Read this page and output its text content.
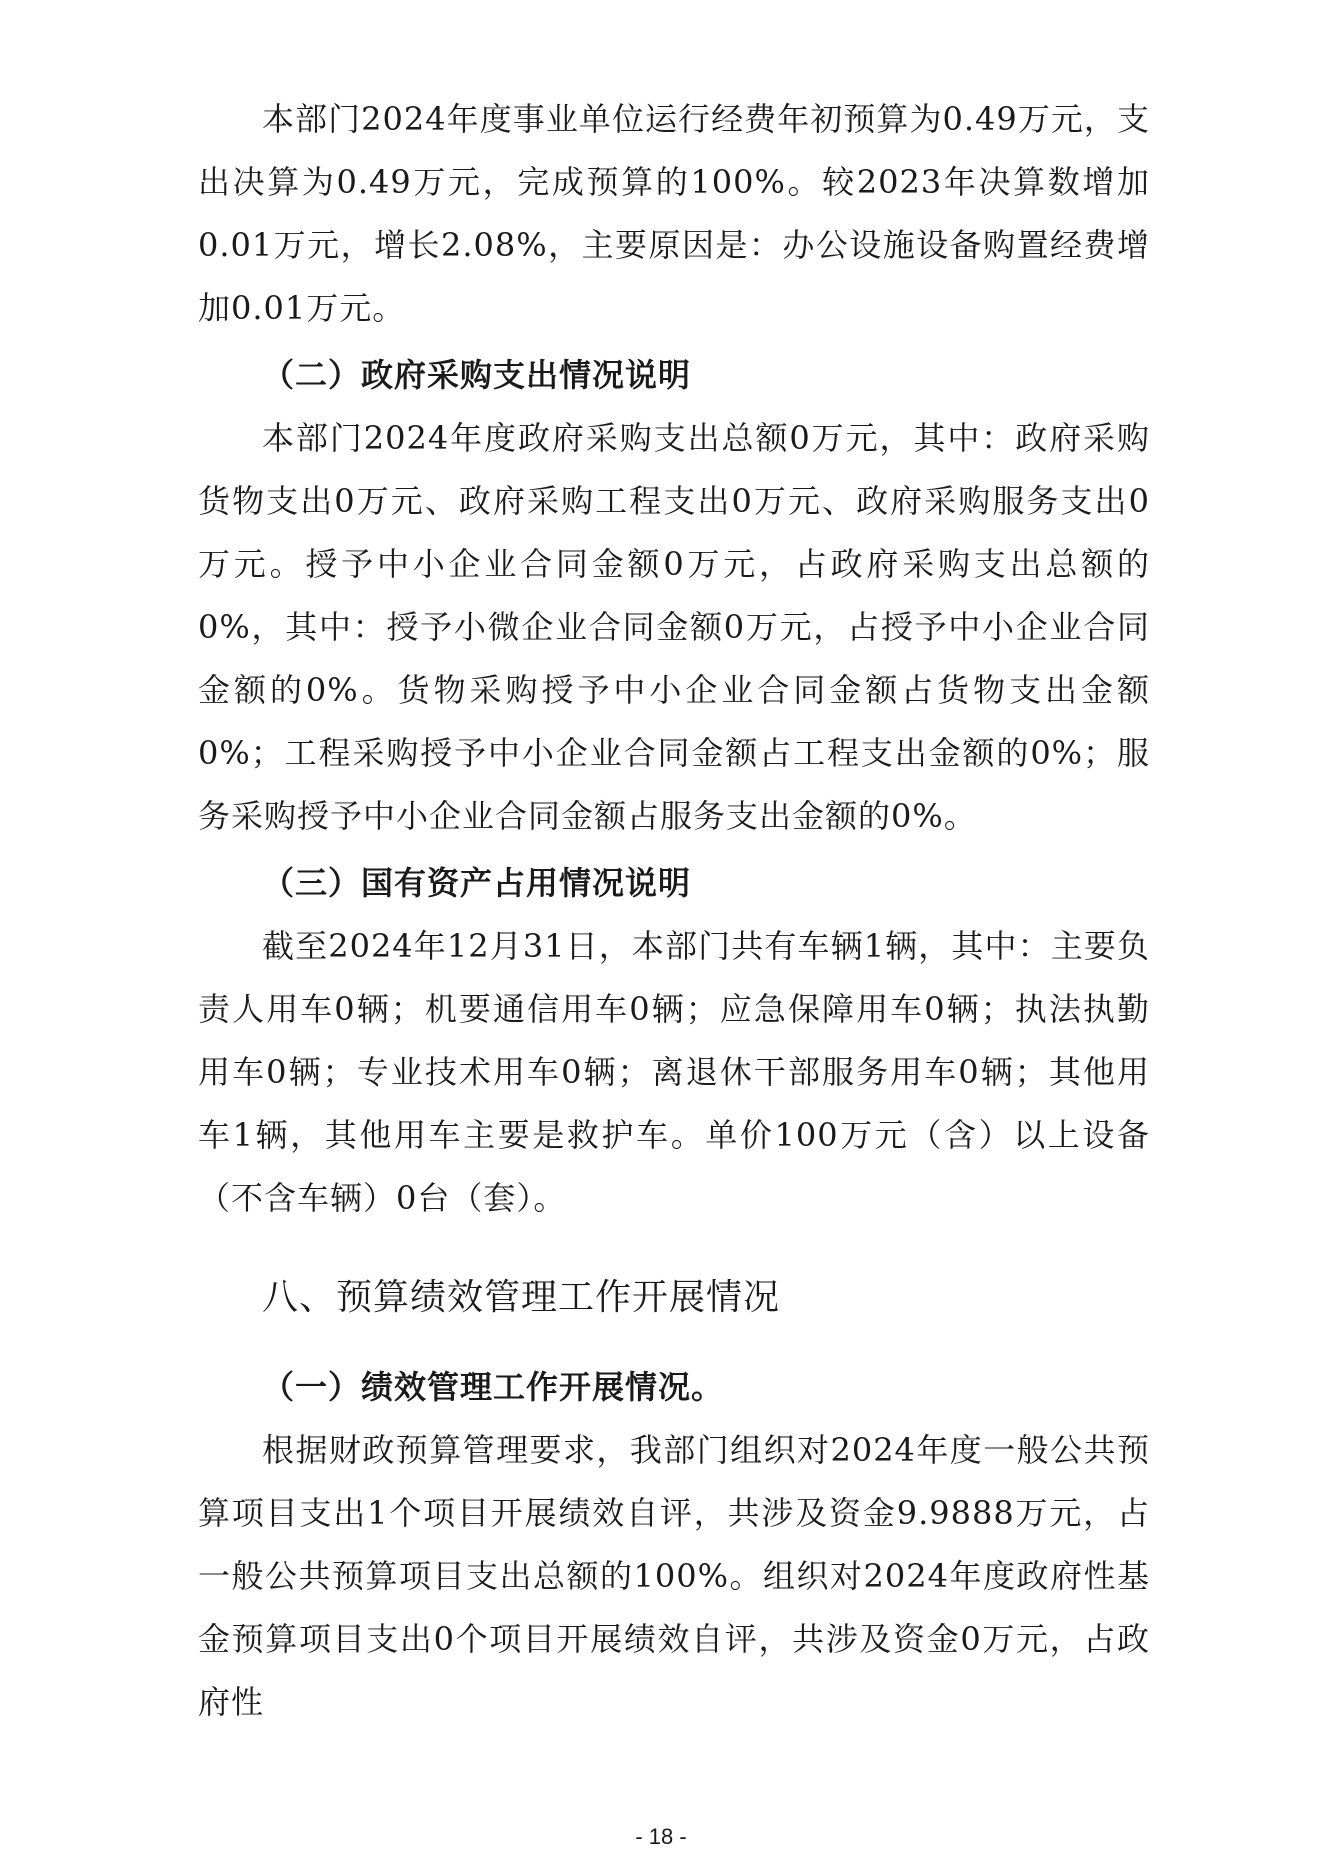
本部门2024年度事业单位运行经费年初预算为0.49万元，支出决算为0.49万元，完成预算的100%。较2023年决算数增加0.01万元，增长2.08%，主要原因是：办公设施设备购置经费增加0.01万元。

（二）政府采购支出情况说明

本部门2024年度政府采购支出总额0万元，其中：政府采购货物支出0万元、政府采购工程支出0万元、政府采购服务支出0万元。授予中小企业合同金额0万元，占政府采购支出总额的0%，其中：授予小微企业合同金额0万元，占授予中小企业合同金额的0%。货物采购授予中小企业合同金额占货物支出金额0%；工程采购授予中小企业合同金额占工程支出金额的0%；服务采购授予中小企业合同金额占服务支出金额的0%。

（三）国有资产占用情况说明

截至2024年12月31日，本部门共有车辆1辆，其中：主要负责人用车0辆；机要通信用车0辆；应急保障用车0辆；执法执勤用车0辆；专业技术用车0辆；离退休干部服务用车0辆；其他用车1辆，其他用车主要是救护车。单价100万元（含）以上设备（不含车辆）0台（套）。

八、预算绩效管理工作开展情况

（一）绩效管理工作开展情况。

根据财政预算管理要求，我部门组织对2024年度一般公共预算项目支出1个项目开展绩效自评，共涉及资金9.9888万元，占一般公共预算项目支出总额的100%。组织对2024年度政府性基金预算项目支出0个项目开展绩效自评，共涉及资金0万元，占政府性

- 18 -
